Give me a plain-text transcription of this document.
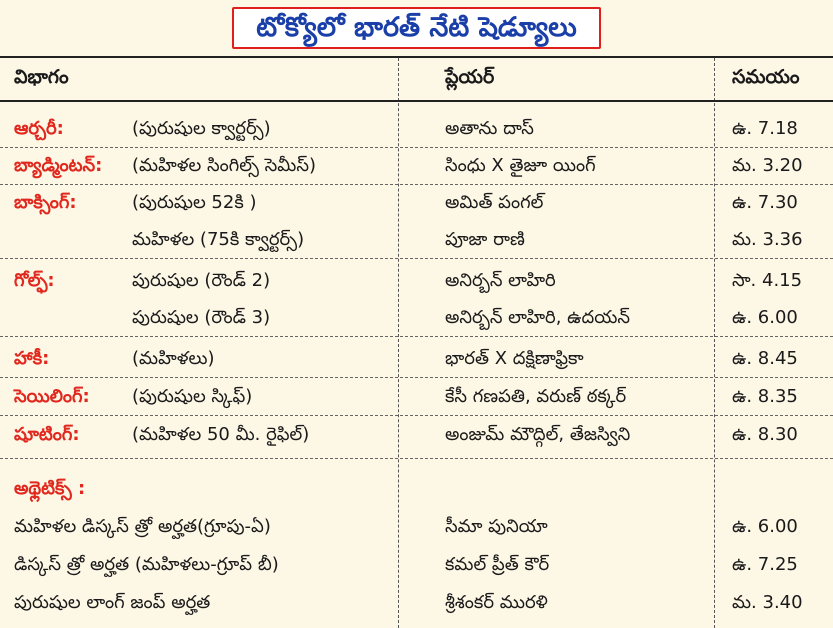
టోక్యోలో భారత్ నేటి షెడ్యూలు
విభాగం	ప్లేయర్	సమయం
ఆర్చరీ:	(పురుషుల క్వార్టర్స్)	అతాను దాస్	ఉ. 7.18
బ్యాడ్మింటన్: (మహిళల సింగిల్స్ సెమీస్)	సింధు X తైజూ యింగ్	మ. 3.20
బాక్సింగ్:	(పురుషుల 52కి )	అమిత్ పంగల్	ఉ. 7.30
మహిళల (75కి క్వార్టర్స్)	పూజా రాణి	మ. 3.36
గోల్ఫ్:	పురుషుల (రౌండ్ 2)	అనిర్బన్ లాహిరి	సా. 4.15
పురుషుల (రౌండ్ 3)	అనిర్బన్ లాహిరి, ఉదయన్	ఉ. 6.00
హాకీ:	(మహిళలు)	భారత్ X దక్షిణాఫ్రికా	ఉ. 8.45
సెయిలింగ్: (పురుషుల స్కిఫ్)	కేసీ గణపతి, వరుణ్ ఠక్కర్	ఉ. 8.35
షూటింగ్:	(మహిళల 50 మీ. రైఫిల్)	అంజుమ్ మౌద్గిల్, తేజస్విని	ఉ. 8.30
అథ్లెటిక్స్ :
మహిళల డిస్కస్ త్రో అర్హత(గ్రూపు-ఏ)	సీమా పునియా	ఉ. 6.00
డిస్కస్ త్రో అర్హత (మహిళలు-గ్రూప్ బీ)	కమల్ ప్రీత్ కౌర్	ఉ. 7.25
పురుషుల లాంగ్ జంప్ అర్హత	శ్రీశంకర్ మురళి	మ. 3.40
